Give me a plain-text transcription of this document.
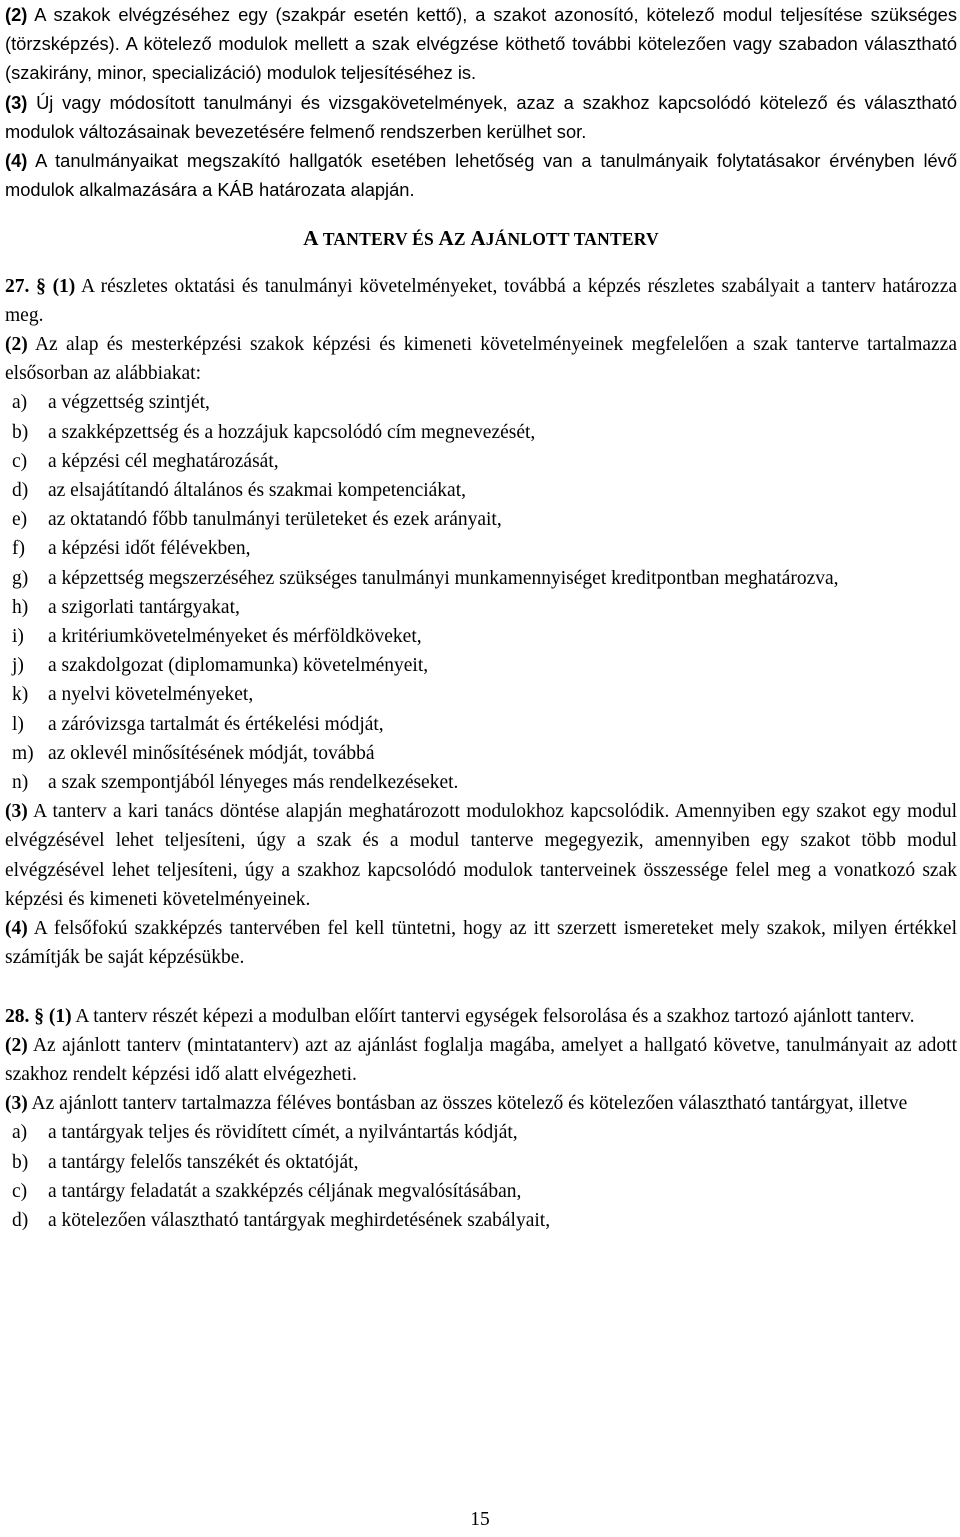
(2) A szakok elvégzéséhez egy (szakpár esetén kettő), a szakot azonosító, kötelező modul teljesítése szükséges (törzsképzés). A kötelező modulok mellett a szak elvégzése köthető további kötelezően vagy szabadon választható (szakirány, minor, specializáció) modulok teljesítéséhez is.

(3) Új vagy módosított tanulmányi és vizsgakövetelmények, azaz a szakhoz kapcsolódó kötelező és választható modulok változásainak bevezetésére felmenő rendszerben kerülhet sor.

(4) A tanulmányaikat megszakító hallgatók esetében lehetőség van a tanulmányaik folytatásakor érvényben lévő modulok alkalmazására a KÁB határozata alapján.

A TANTERV ÉS AZ AJÁNLOTT TANTERV

27. § (1) A részletes oktatási és tanulmányi követelményeket, továbbá a képzés részletes szabályait a tanterv határozza meg.

(2) Az alap és mesterképzési szakok képzési és kimeneti követelményeinek megfelelően a szak tanterve tartalmazza elsősorban az alábbiakat:

a)	a végzettség szintjét,
b)	a szakképzettség és a hozzájuk kapcsolódó cím megnevezését,
c)	a képzési cél meghatározását,
d)	az elsajátítandó általános és szakmai kompetenciákat,
e)	az oktatandó főbb tanulmányi területeket és ezek arányait,
f)	a képzési időt félévekben,
g)	a képzettség megszerzéséhez szükséges tanulmányi munkamennyiséget kreditpontban meghatározva,
h)	a szigorlati tantárgyakat,
i)	a kritériumkövetelményeket és mérföldköveket,
j)	a szakdolgozat (diplomamunka) követelményeit,
k)	a nyelvi követelményeket,
l)	a záróvizsga tartalmát és értékelési módját,
m) az oklevél minősítésének módját, továbbá
n)	a szak szempontjából lényeges más rendelkezéseket.

(3) A tanterv a kari tanács döntése alapján meghatározott modulokhoz kapcsolódik. Amennyiben egy szakot egy modul elvégzésével lehet teljesíteni, úgy a szak és a modul tanterve megegyezik, amennyiben egy szakot több modul elvégzésével lehet teljesíteni, úgy a szakhoz kapcsolódó modulok tanterveinek összessége felel meg a vonatkozó szak képzési és kimeneti követelményeinek.

(4) A felsőfokú szakképzés tantervében fel kell tüntetni, hogy az itt szerzett ismereteket mely szakok, milyen értékkel számítják be saját képzésükbe.

28. § (1) A tanterv részét képezi a modulban előírt tantervi egységek felsorolása és a szakhoz tartozó ajánlott tanterv.

(2) Az ajánlott tanterv (mintatanterv) azt az ajánlást foglalja magába, amelyet a hallgató követve, tanulmányait az adott szakhoz rendelt képzési idő alatt elvégezheti.

(3) Az ajánlott tanterv tartalmazza féléves bontásban az összes kötelező és kötelezően választható tantárgyat, illetve

a)	a tantárgyak teljes és rövidített címét, a nyilvántartás kódját,
b)	a tantárgy felelős tanszékét és oktatóját,
c)	a tantárgy feladatát a szakképzés céljának megvalósításában,
d)	a kötelezően választható tantárgyak meghirdetésének szabályait,
15
